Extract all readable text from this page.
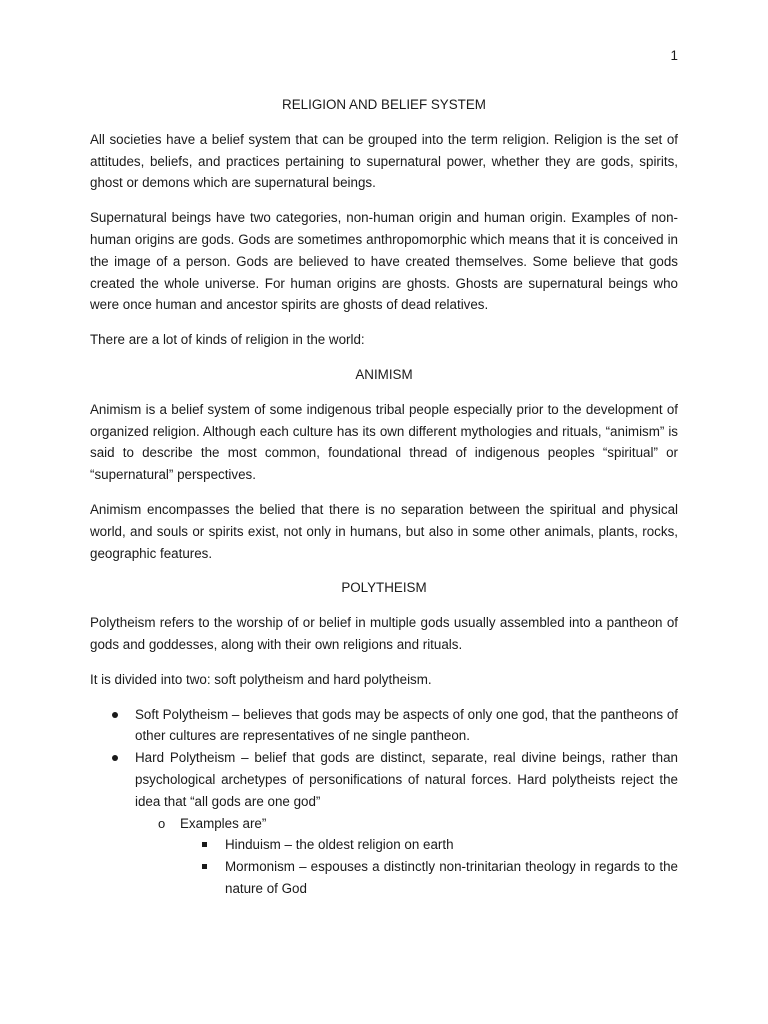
1

RELIGION AND BELIEF SYSTEM

All societies have a belief system that can be grouped into the term religion. Religion is the set of attitudes, beliefs, and practices pertaining to supernatural power, whether they are gods, spirits, ghost or demons which are supernatural beings.

Supernatural beings have two categories, non-human origin and human origin. Examples of non-human origins are gods. Gods are sometimes anthropomorphic which means that it is conceived in the image of a person. Gods are believed to have created themselves. Some believe that gods created the whole universe. For human origins are ghosts. Ghosts are supernatural beings who were once human and ancestor spirits are ghosts of dead relatives.

There are a lot of kinds of religion in the world:

ANIMISM

Animism is a belief system of some indigenous tribal people especially prior to the development of organized religion. Although each culture has its own different mythologies and rituals, “animism” is said to describe the most common, foundational thread of indigenous peoples “spiritual” or “supernatural” perspectives.

Animism encompasses the belied that there is no separation between the spiritual and physical world, and souls or spirits exist, not only in humans, but also in some other animals, plants, rocks, geographic features.

POLYTHEISM

Polytheism refers to the worship of or belief in multiple gods usually assembled into a pantheon of gods and goddesses, along with their own religions and rituals.

It is divided into two: soft polytheism and hard polytheism.

Soft Polytheism – believes that gods may be aspects of only one god, that the pantheons of other cultures are representatives of ne single pantheon.
Hard Polytheism – belief that gods are distinct, separate, real divine beings, rather than psychological archetypes of personifications of natural forces. Hard polytheists reject the idea that “all gods are one god”
o Examples are”
Hinduism – the oldest religion on earth
Mormonism – espouses a distinctly non-trinitarian theology in regards to the nature of God
